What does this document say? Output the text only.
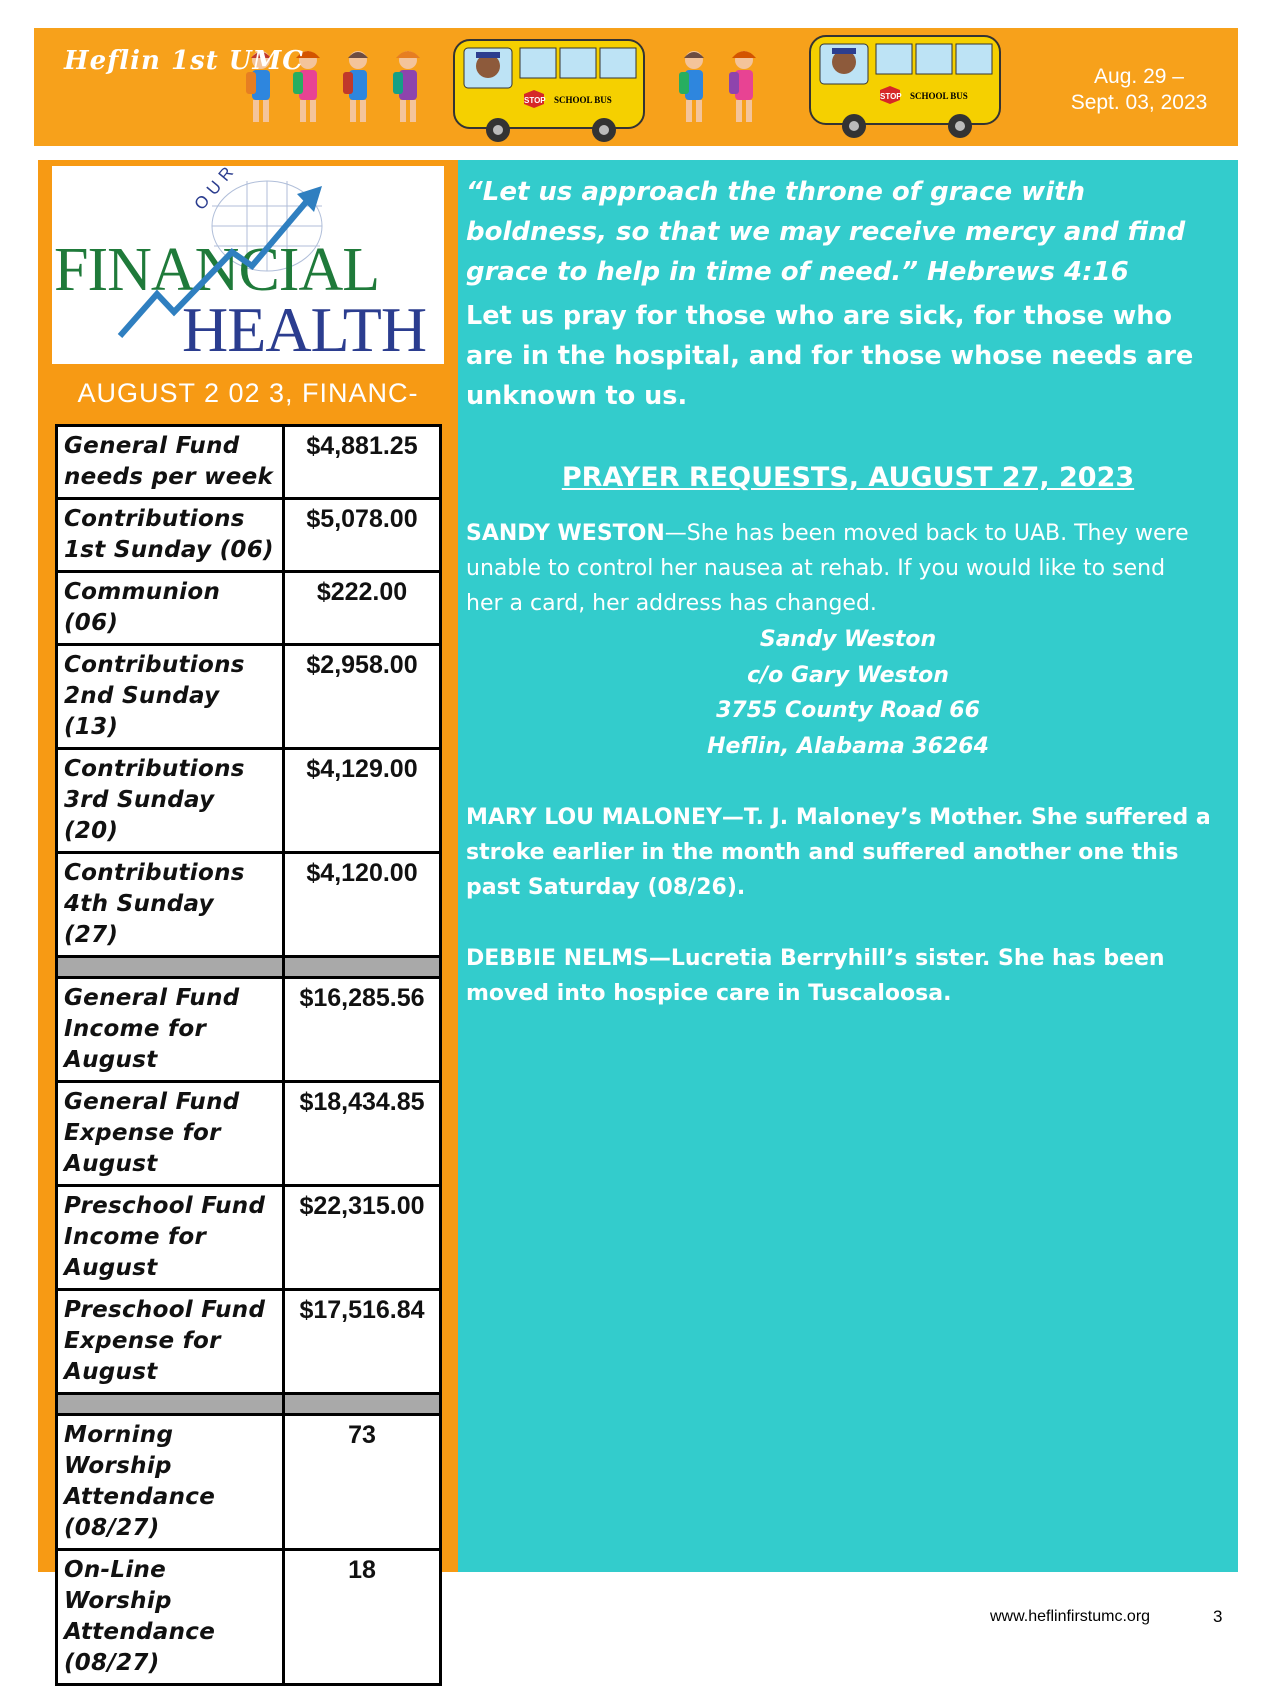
STOP SCHOOL BUS	STOP SCHOOL BUS
Heflin 1st UMC
Aug. 29 –
Sept. 03, 2023
FINANCIAL
HEALTH
AUGUST 2 02 3, FINANC-
General Fund needs per week	$4,881.25
Contributions 1st Sunday (06)	$5,078.00
Communion (06)	$222.00
Contributions 2nd Sunday (13)	$2,958.00
Contributions 3rd Sunday (20)	$4,129.00
Contributions 4th Sunday (27)	$4,120.00

General Fund Income for August	$16,285.56
General Fund Expense for August	$18,434.85
Preschool Fund Income for August	$22,315.00
Preschool Fund Expense for August	$17,516.84

Morning Worship Attendance (08/27)	73
On-Line Worship Attendance (08/27)	18
“Let us approach the throne of grace with boldness, so that we may receive mercy and find grace to help in time of need.” Hebrews 4:16
Let us pray for those who are sick, for those who are in the hospital, and for those whose needs are unknown to us.
PRAYER REQUESTS, AUGUST 27, 2023
SANDY WESTON—She has been moved back to UAB. They were unable to control her nausea at rehab. If you would like to send her a card, her address has changed.
Sandy Weston
c/o Gary Weston
3755 County Road 66
Heflin, Alabama 36264
MARY LOU MALONEY—T. J. Maloney’s Mother. She suffered a stroke earlier in the month and suffered another one this past Saturday (08/26).
DEBBIE NELMS—Lucretia Berryhill’s sister. She has been moved into hospice care in Tuscaloosa.
www.heflinfirstumc.org	3
